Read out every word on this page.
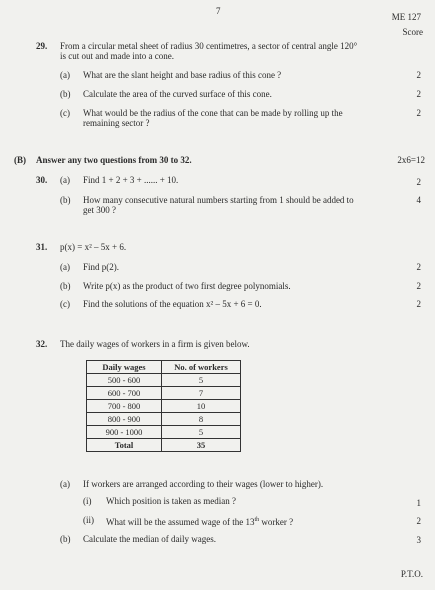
7
ME 127
Score
29. From a circular metal sheet of radius 30 centimetres, a sector of central angle 120°
is cut out and made into a cone.
(a) What are the slant height and base radius of this cone ?	2
(b) Calculate the area of the curved surface of this cone.	2
(c) What would be the radius of the cone that can be made by rolling up the
remaining sector ?
2
(B) Answer any two questions from 30 to 32.	2x6=12
30. (a) Find 1 + 2 + 3 + ...... + 10.	2
(b) How many consecutive natural numbers starting from 1 should be added to
get 300 ?
4
31. p(x) = x² – 5x + 6.
(a) Find p(2).	2
(b) Write p(x) as the product of two first degree polynomials.	2
(c) Find the solutions of the equation x² – 5x + 6 = 0.	2
32. The daily wages of workers in a firm is given below.
Daily wages	No. of workers
500 - 600	5
600 - 700	7
700 - 800	10
800 - 900	8
900 - 1000	5
Total	35
(a) If workers are arranged according to their wages (lower to higher).
(i) Which position is taken as median ?	1
(ii) What will be the assumed wage of the 13th worker ?	2
(b) Calculate the median of daily wages.	3
P.T.O.
